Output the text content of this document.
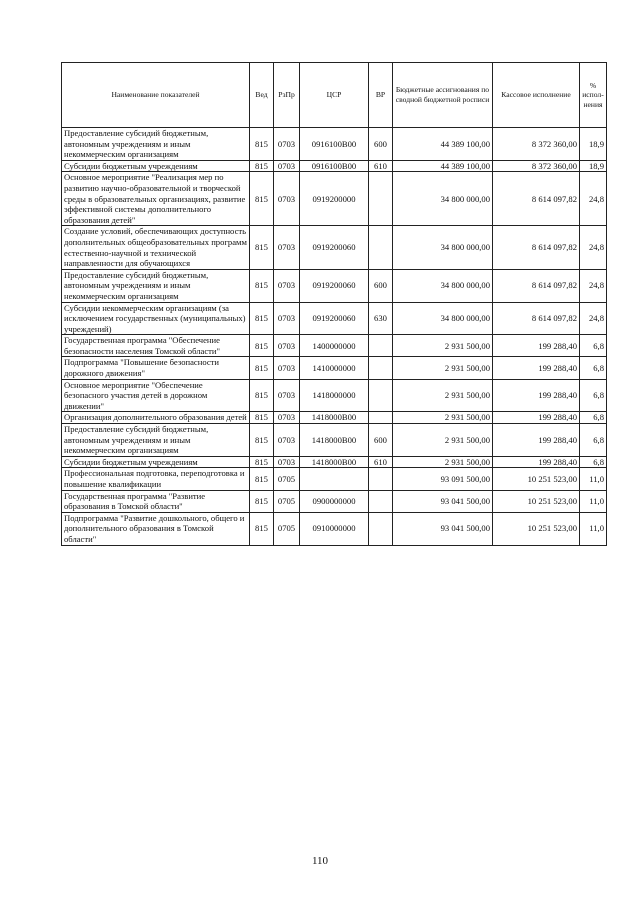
Наименование показателей	Вед	РзПр	ЦСР	ВР	Бюджетные ассигнования по сводной бюджетной росписи	Кассовое исполнение	% испол-нения
Предоставление субсидий бюджетным, автономным учреждениям и иным некоммерческим организациям	815	0703	0916100В00	600	44 389 100,00	8 372 360,00	18,9
Субсидии бюджетным учреждениям	815	0703	0916100В00	610	44 389 100,00	8 372 360,00	18,9
Основное мероприятие "Реализация мер по развитию научно-образовательной и творческой среды в образовательных организациях, развитие эффективной системы дополнительного образования детей"	815	0703	0919200000		34 800 000,00	8 614 097,82	24,8
Создание условий, обеспечивающих доступность дополнительных общеобразовательных программ естественно-научной и технической направленности для обучающихся	815	0703	0919200060		34 800 000,00	8 614 097,82	24,8
Предоставление субсидий бюджетным, автономным учреждениям и иным некоммерческим организациям	815	0703	0919200060	600	34 800 000,00	8 614 097,82	24,8
Субсидии некоммерческим организациям (за исключением государственных (муниципальных) учреждений)	815	0703	0919200060	630	34 800 000,00	8 614 097,82	24,8
Государственная программа "Обеспечение безопасности населения Томской области"	815	0703	1400000000		2 931 500,00	199 288,40	6,8
Подпрограмма "Повышение безопасности дорожного движения"	815	0703	1410000000		2 931 500,00	199 288,40	6,8
Основное мероприятие "Обеспечение безопасного участия детей в дорожном движении"	815	0703	1418000000		2 931 500,00	199 288,40	6,8
Организация дополнительного образования детей	815	0703	1418000В00		2 931 500,00	199 288,40	6,8
Предоставление субсидий бюджетным, автономным учреждениям и иным некоммерческим организациям	815	0703	1418000В00	600	2 931 500,00	199 288,40	6,8
Субсидии бюджетным учреждениям	815	0703	1418000В00	610	2 931 500,00	199 288,40	6,8
Профессиональная подготовка, переподготовка и повышение квалификации	815	0705			93 091 500,00	10 251 523,00	11,0
Государственная программа "Развитие образования в Томской области"	815	0705	0900000000		93 041 500,00	10 251 523,00	11,0
Подпрограмма "Развитие дошкольного, общего и дополнительного образования в Томской области"	815	0705	0910000000		93 041 500,00	10 251 523,00	11,0
110
